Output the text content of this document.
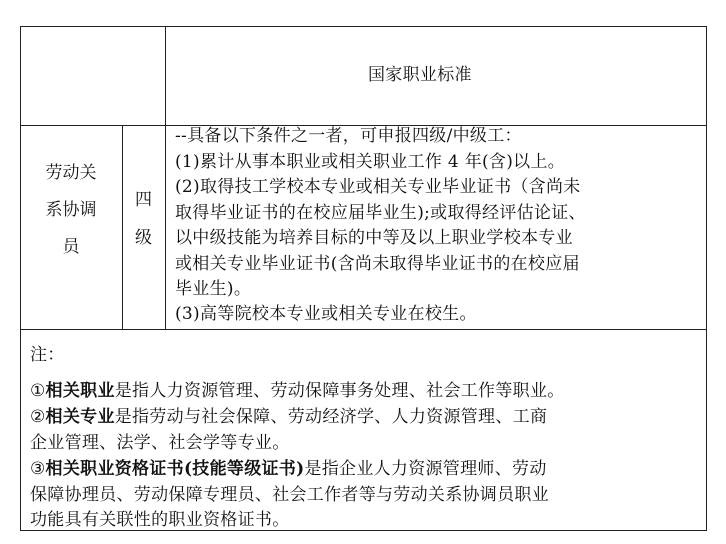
国家职业标准
劳动关
系协调
员
四
级
--具备以下条件之一者，可申报四级/中级工：
(1)累计从事本职业或相关职业工作 4 年(含)以上。
(2)取得技工学校本专业或相关专业毕业证书（含尚未
取得毕业证书的在校应届毕业生);或取得经评估论证、
以中级技能为培养目标的中等及以上职业学校本专业
或相关专业毕业证书(含尚未取得毕业证书的在校应届
毕业生)。
(3)高等院校本专业或相关专业在校生。
注：
①相关职业是指人力资源管理、劳动保障事务处理、社会工作等职业。
②相关专业是指劳动与社会保障、劳动经济学、人力资源管理、工商
企业管理、法学、社会学等专业。
③相关职业资格证书(技能等级证书)是指企业人力资源管理师、劳动
保障协理员、劳动保障专理员、社会工作者等与劳动关系协调员职业
功能具有关联性的职业资格证书。
